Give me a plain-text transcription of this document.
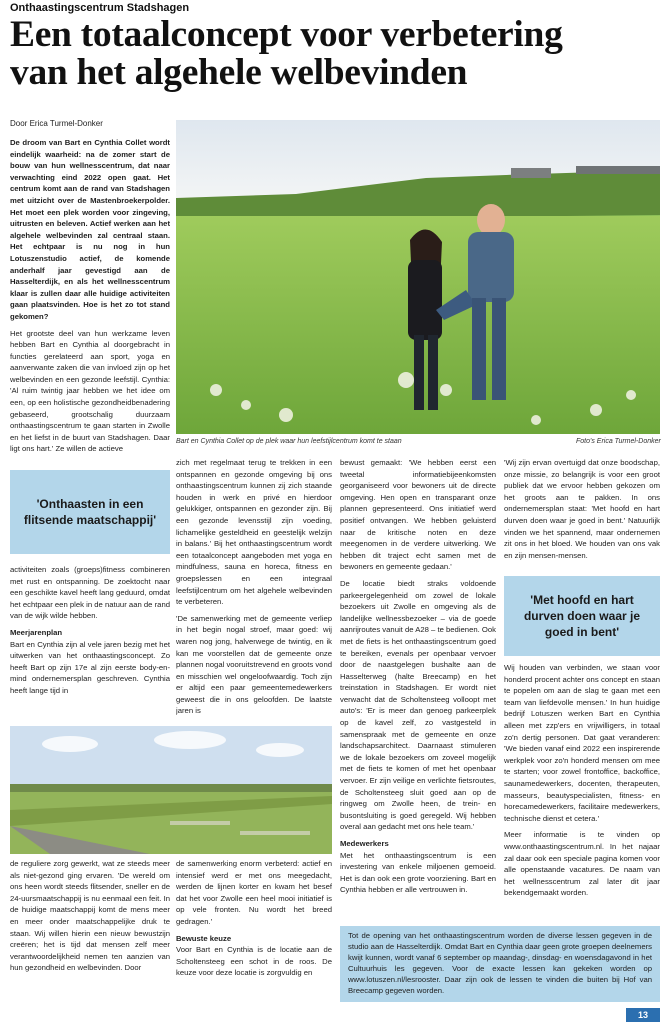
Onthaastingscentrum Stadshagen
Een totaalconcept voor verbetering
van het algehele welbevinden
Door Erica Turmel-Donker

De droom van Bart en Cynthia Collet wordt eindelijk waarheid: na de zomer start de bouw van hun wellnesscentrum, dat naar verwachting eind 2022 open gaat. Het centrum komt aan de rand van Stadshagen met uitzicht over de Mastenbroekerpolder. Het moet een plek worden voor zingeving, uitrusten en beleven. Actief werken aan het algehele welbevinden zal centraal staan. Het echtpaar is nu nog in hun Lotuszenstudio actief, de komende anderhalf jaar gevestigd aan de Hasselterdijk, en als het wellnesscentrum klaar is zullen daar alle huidige activiteiten gaan plaatsvinden. Hoe is het zo tot stand gekomen?

Het grootste deel van hun werkzame leven hebben Bart en Cynthia al doorgebracht in functies gerelateerd aan sport, yoga en aanverwante zaken die van invloed zijn op het welbevinden en een gezonde leefstijl. Cynthia: 'Al ruim twintig jaar hebben we het idee om een, op een holistische gezondheidbenadering gebaseerd, grootschalig duurzaam onthaastingscentrum te gaan starten in Zwolle en het liefst in de buurt van Stadshagen. Daar ligt ons hart.' Ze willen de actieve

Bart en Cynthia Collet op de plek waar hun leefstijlcentrum komt te staan	Foto's Erica Turmel-Donker
'Onthaasten in een flitsende maatschappij'

activiteiten zoals (groeps)fitness combineren met rust en ontspanning. De zoektocht naar een geschikte kavel heeft lang geduurd, omdat het echtpaar een plek in de natuur aan de rand van de wijk wilde hebben.

Meerjarenplan

Bart en Cynthia zijn al vele jaren bezig met het uitwerken van het onthaastingsconcept. Zo heeft Bart op zijn 17e al zijn eerste body-en-mind ondernemersplan geschreven. Cynthia heeft lange tijd in

zich met regelmaat terug te trekken in een ontspannen en gezonde omgeving bij ons onthaastingscentrum kunnen zij zich staande houden in werk en privé en hierdoor gelukkiger, ontspannen en gezonder zijn. Bij een gezonde levensstijl zijn voeding, lichamelijke gesteldheid en geestelijk welzijn in balans.' Bij het onthaastingscentrum wordt een totaalconcept aangeboden met yoga en mindfulness, sauna en horeca, fitness en groepslessen en een integraal leefstijlcentrum om het algehele welbevinden te verbeteren.

'De samenwerking met de gemeente verliep in het begin nogal stroef, maar goed: wij waren nog jong, halverwege de twintig, en ik kan me voorstellen dat de gemeente onze plannen nogal vooruitstrevend en groots vond en misschien wel ongeloofwaardig. Toch zijn er altijd een paar gemeentemedewerkers geweest die in ons geloofden. De laatste jaren is

de reguliere zorg gewerkt, wat ze steeds meer als niet-gezond ging ervaren. 'De wereld om ons heen wordt steeds flitsender, sneller en de 24-uursmaatschappij is nu eenmaal een feit. In de huidige maatschappij komt de mens meer en meer onder maatschappelijke druk te staan. Wij willen hierin een nieuw bewustzijn creëren; het is tijd dat mensen zelf meer verantwoordelijkheid nemen ten aanzien van hun gezondheid en welbevinden. Door

de samenwerking enorm verbeterd: actief en intensief werd er met ons meegedacht, werden de lijnen korter en kwam het besef dat het voor Zwolle een heel mooi initiatief is op vele fronten. Nu wordt het breed gedragen.'

Bewuste keuze

Voor Bart en Cynthia is de locatie aan de Scholtensteeg een schot in de roos. De keuze voor deze locatie is zorgvuldig en

bewust gemaakt: 'We hebben eerst een tweetal informatiebijeenkomsten georganiseerd voor bewoners uit de directe omgeving. Hen open en transparant onze plannen gepresenteerd. Ons initiatief werd positief ontvangen. We hebben geluisterd naar de kritische noten en deze meegenomen in de verdere uitwerking. We hebben dit traject echt samen met de bewoners en gemeente gedaan.'

De locatie biedt straks voldoende parkeergelegenheid om zowel de lokale bezoekers uit Zwolle en omgeving als de landelijke wellnessbezoeker – via de goede aanrijroutes vanuit de A28 – te bedienen. Ook met de fiets is het onthaastingscentrum goed te bereiken, evenals per openbaar vervoer door de naastgelegen bushalte aan de Hasselterweg (halte Breecamp) en het treinstation in Stadshagen. Er wordt niet verwacht dat de Scholtensteeg volloopt met auto's: 'Er is meer dan genoeg parkeerplek op de kavel zelf, zo vastgesteld in samenspraak met de gemeente en onze landschapsarchitect. Daarnaast stimuleren we de lokale bezoekers om zoveel mogelijk met de fiets te komen of met het openbaar vervoer. Er zijn veilige en verlichte fietsroutes, de Scholtensteeg sluit goed aan op de ringweg om Zwolle heen, de trein- en busontsluiting is goed geregeld. Wij hebben overal aan gedacht met ons hele team.'

Medewerkers

Met het onthaastingscentrum is een investering van enkele miljoenen gemoeid. Het is dan ook een grote voorziening. Bart en Cynthia hebben er alle vertrouwen in.

'Wij zijn ervan overtuigd dat onze boodschap, onze missie, zo belangrijk is voor een groot publiek dat we ervoor hebben gekozen om het groots aan te pakken. In ons ondernemersplan staat: 'Met hoofd en hart durven doen waar je goed in bent.' Natuurlijk vinden we het spannend, maar ondernemen zit ons in het bloed. We houden van ons vak en zijn mensen-mensen.

'Met hoofd en hart durven doen waar je goed in bent'

Wij houden van verbinden, we staan voor honderd procent achter ons concept en staan te popelen om aan de slag te gaan met een team van liefdevolle mensen.' In hun huidige bedrijf Lotuszen werken Bart en Cynthia alleen met zzp'ers en vrijwilligers, in totaal zo'n dertig personen. Dat gaat veranderen: 'We bieden vanaf eind 2022 een inspirerende werkplek voor zo'n honderd mensen om mee te starten; voor zowel frontoffice, backoffice, saunamedewerkers, docenten, therapeuten, masseurs, beautyspecialisten, fitness- en horecamedewerkers, facilitaire medewerkers, technische dienst et cetera.'

Meer informatie is te vinden op www.onthaastingscentrum.nl. In het najaar zal daar ook een speciale pagina komen voor alle openstaande vacatures. De naam van het wellnesscentrum zal later dit jaar bekendgemaakt worden.

Tot de opening van het onthaastingscentrum worden de diverse lessen gegeven in de studio aan de Hasselterdijk. Omdat Bart en Cynthia daar geen grote groepen deelnemers kwijt kunnen, wordt vanaf 6 september op maandag-, dinsdag- en woensdagavond in het Cultuurhuis les gegeven. Voor de exacte lessen kan gekeken worden op www.lotuszen.nl/lesrooster. Daar zijn ook de lessen te vinden die buiten bij Hof van Breecamp gegeven worden.
13
